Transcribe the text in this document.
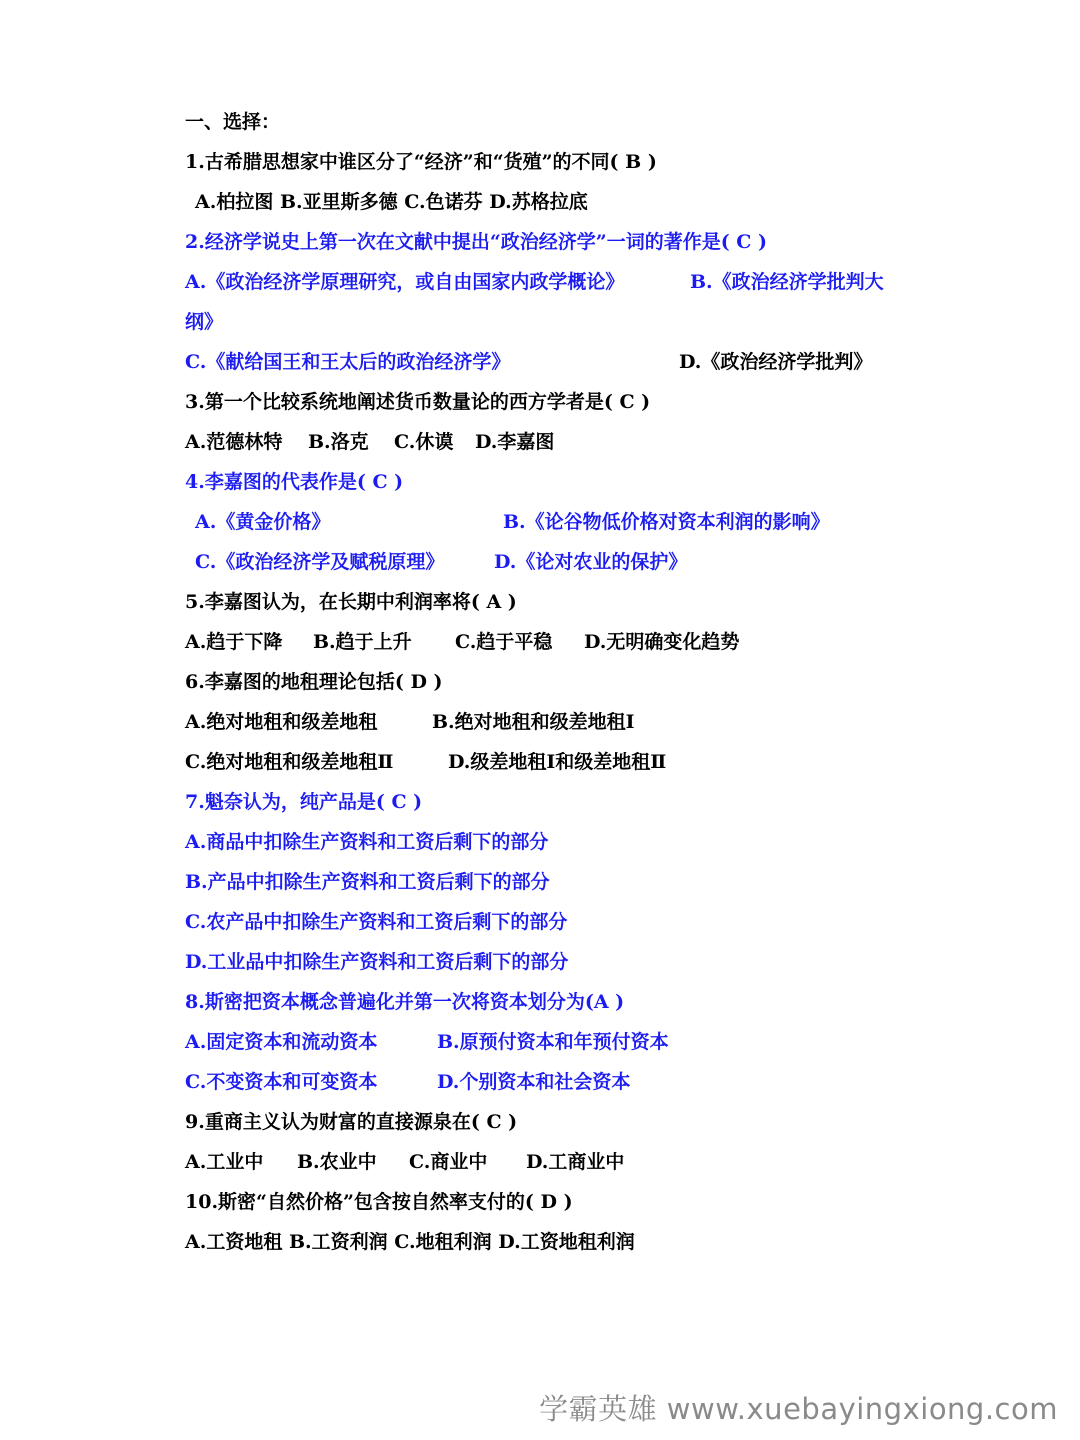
一、选择：
1.古希腊思想家中谁区分了“经济”和“货殖”的不同( B )
A.柏拉图 B.亚里斯多德 C.色诺芬 D.苏格拉底
2.经济学说史上第一次在文献中提出“政治经济学”一词的著作是( C )
A.《政治经济学原理研究，或自由国家内政学概论》	B.《政治经济学批判大
纲》
C.《献给国王和王太后的政治经济学》	D.《政治经济学批判》
3.第一个比较系统地阐述货币数量论的西方学者是( C )
A.范德林特 B.洛克 C.休谟 D.李嘉图
4.李嘉图的代表作是( C )
A.《黄金价格》	B.《论谷物低价格对资本利润的影响》
C.《政治经济学及赋税原理》	D.《论对农业的保护》
5.李嘉图认为，在长期中利润率将( A )
A.趋于下降 B.趋于上升 C.趋于平稳 D.无明确变化趋势
6.李嘉图的地租理论包括( D )
A.绝对地租和级差地租	B.绝对地租和级差地租Ⅰ
C.绝对地租和级差地租Ⅱ	D.级差地租Ⅰ和级差地租Ⅱ
7.魁奈认为，纯产品是( C )
A.商品中扣除生产资料和工资后剩下的部分
B.产品中扣除生产资料和工资后剩下的部分
C.农产品中扣除生产资料和工资后剩下的部分
D.工业品中扣除生产资料和工资后剩下的部分
8.斯密把资本概念普遍化并第一次将资本划分为(A )
A.固定资本和流动资本	B.原预付资本和年预付资本
C.不变资本和可变资本	D.个别资本和社会资本
9.重商主义认为财富的直接源泉在( C )
A.工业中 B.农业中 C.商业中 D.工商业中
10.斯密“自然价格”包含按自然率支付的( D )
A.工资地租 B.工资利润 C.地租利润 D.工资地租利润
学霸英雄 www.xuebayingxiong.com
